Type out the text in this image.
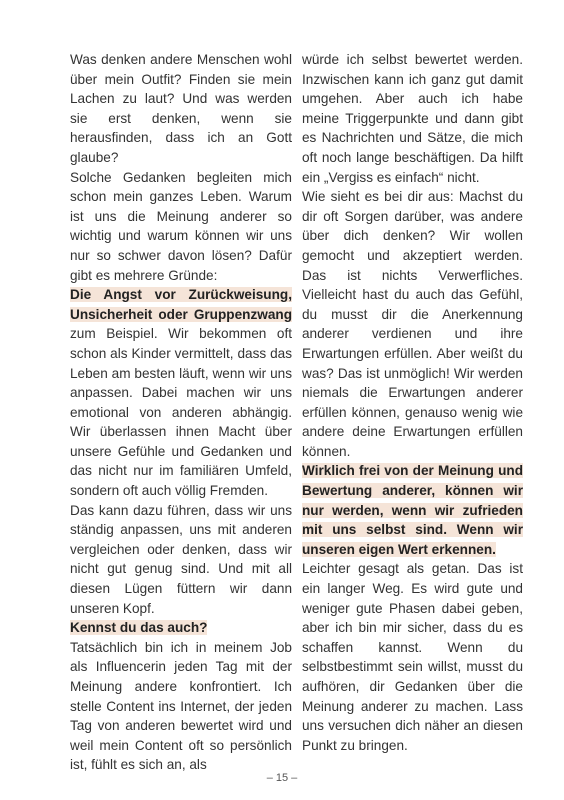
Was denken andere Menschen wohl über mein Outfit? Finden sie mein Lachen zu laut? Und was werden sie erst denken, wenn sie herausfinden, dass ich an Gott glaube?

Solche Gedanken begleiten mich schon mein ganzes Leben. Warum ist uns die Meinung anderer so wichtig und warum können wir uns nur so schwer davon lösen? Dafür gibt es mehrere Gründe:

Die Angst vor Zurückweisung, Unsicherheit oder Gruppenzwang zum Beispiel. Wir bekommen oft schon als Kinder vermittelt, dass das Leben am besten läuft, wenn wir uns anpassen. Dabei machen wir uns emotional von anderen abhängig. Wir überlassen ihnen Macht über unsere Gefühle und Gedanken und das nicht nur im familiären Umfeld, sondern oft auch völlig Fremden.

Das kann dazu führen, dass wir uns ständig anpassen, uns mit anderen vergleichen oder denken, dass wir nicht gut genug sind. Und mit all diesen Lügen füttern wir dann unseren Kopf.

Kennst du das auch?

Tatsächlich bin ich in meinem Job als Influencerin jeden Tag mit der Meinung andere konfrontiert. Ich stelle Content ins Internet, der jeden Tag von anderen bewertet wird und weil mein Content oft so persönlich ist, fühlt es sich an, als

würde ich selbst bewertet werden. Inzwischen kann ich ganz gut damit umgehen. Aber auch ich habe meine Triggerpunkte und dann gibt es Nachrichten und Sätze, die mich oft noch lange beschäftigen. Da hilft ein „Vergiss es einfach“ nicht.

Wie sieht es bei dir aus: Machst du dir oft Sorgen darüber, was andere über dich denken? Wir wollen gemocht und akzeptiert werden. Das ist nichts Verwerfliches. Vielleicht hast du auch das Gefühl, du musst dir die Anerkennung anderer verdienen und ihre Erwartungen erfüllen. Aber weißt du was? Das ist unmöglich! Wir werden niemals die Erwartungen anderer erfüllen können, genauso wenig wie andere deine Erwartungen erfüllen können.

Wirklich frei von der Meinung und Bewertung anderer, können wir nur werden, wenn wir zufrieden mit uns selbst sind. Wenn wir unseren eigen Wert erkennen.

Leichter gesagt als getan. Das ist ein langer Weg. Es wird gute und weniger gute Phasen dabei geben, aber ich bin mir sicher, dass du es schaffen kannst. Wenn du selbstbestimmt sein willst, musst du aufhören, dir Gedanken über die Meinung anderer zu machen. Lass uns versuchen dich näher an diesen Punkt zu bringen.

– 15 –
